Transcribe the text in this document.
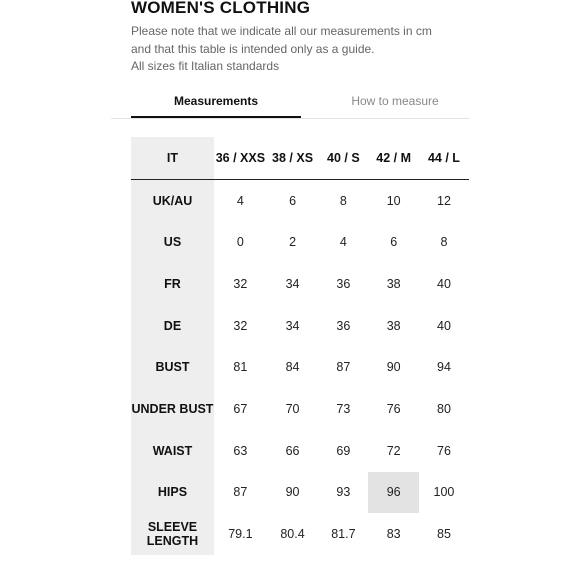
WOMEN'S CLOTHING
Please note that we indicate all our measurements in cm
and that this table is intended only as a guide.
All sizes fit Italian standards
Measurements	How to measure
IT	36 / XXS	38 / XS	40 / S	42 / M	44 / L
UK/AU	4	6	8	10	12
US	0	2	4	6	8
FR	32	34	36	38	40
DE	32	34	36	38	40
BUST	81	84	87	90	94
UNDER BUST	67	70	73	76	80
WAIST	63	66	69	72	76
HIPS	87	90	93	96	100
SLEEVE LENGTH	79.1	80.4	81.7	83	85
